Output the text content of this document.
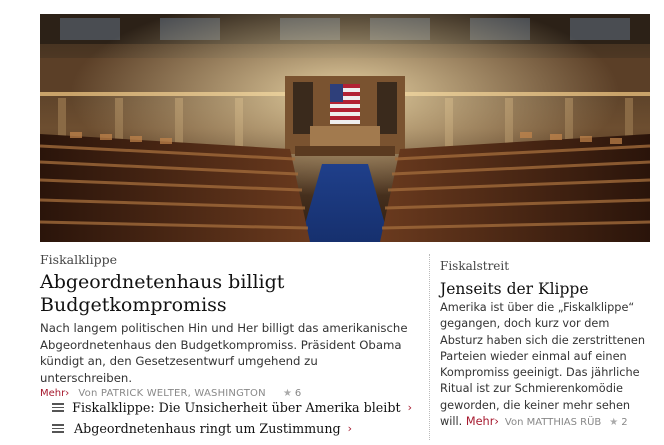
Fiskalklippe
Abgeordnetenhaus billigt Budgetkompromiss
Nach langem politischen Hin und Her billigt das amerikanische Abgeordnetenhaus den Budgetkompromiss. Präsident Obama kündigt an, den Gesetzesentwurf umgehend zu unterschreiben.
Mehr› Von PATRICK WELTER, WASHINGTON ★ 6
Fiskalklippe: Die Unsicherheit über Amerika bleibt ›
Abgeordnetenhaus ringt um Zustimmung ›
Fiskalstreit
Jenseits der Klippe
Amerika ist über die „Fiskalklippe“ gegangen, doch kurz vor dem Absturz haben sich die zerstrittenen Parteien wieder einmal auf einen Kompromiss geeinigt. Das jährliche Ritual ist zur Schmierenkomödie geworden, die keiner mehr sehen will. Mehr› Von MATTHIAS RÜB ★ 2
